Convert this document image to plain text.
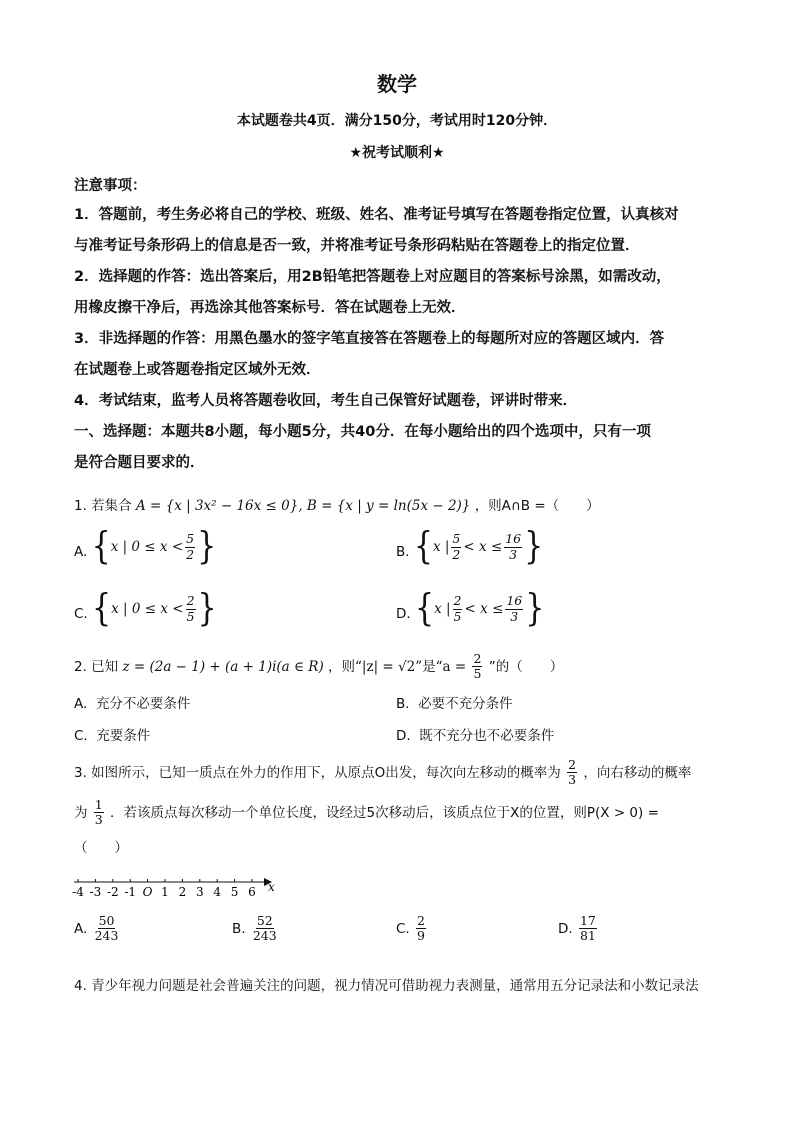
数学
本试题卷共4页．满分150分，考试用时120分钟．
★祝考试顺利★
注意事项：
1．答题前，考生务必将自己的学校、班级、姓名、准考证号填写在答题卷指定位置，认真核对
与准考证号条形码上的信息是否一致，并将准考证号条形码粘贴在答题卷上的指定位置．
2．选择题的作答：选出答案后，用2B铅笔把答题卷上对应题目的答案标号涂黑，如需改动，
用橡皮擦干净后，再选涂其他答案标号．答在试题卷上无效．
3．非选择题的作答：用黑色墨水的签字笔直接答在答题卷上的每题所对应的答题区域内．答
在试题卷上或答题卷指定区域外无效．
4．考试结束，监考人员将答题卷收回，考生自己保管好试题卷，评讲时带来．
一、选择题：本题共8小题，每小题5分，共40分．在每小题给出的四个选项中，只有一项
是符合题目要求的．
1. 若集合 A = {x | 3x² − 16x ≤ 0}, B = {x | y = ln(5x − 2)} ，则A∩B =（　　）
A. { x | $0 \le x < \frac{5}{2}$ }	B. { x | $\frac{5}{2} < x \le \frac{16}{3}$ }
C. { x | $0 \le x < \frac{2}{5}$ }	D. { x | $\frac{2}{5} < x \le \frac{16}{3}$ }
2. 已知 z = (2a − 1) + (a + 1)i(a ∈ R) ，则“|z| = √2”是“$a = \frac{2}{5}$ ”的（　　）
A. 充分不必要条件	B. 必要不充分条件
C. 充要条件	D. 既不充分也不必要条件
3. 如图所示，已知一质点在外力的作用下，从原点O出发，每次向左移动的概率为 $\frac{2}{3}$ ，向右移动的概率
为 $\frac{1}{3}$ ．若该质点每次移动一个单位长度，设经过5次移动后，该质点位于X的位置，则P(X > 0) =
（　　）
-4 -3 -2 -1 O 1 2 3 4 5 6 x
A. $\frac{50}{243}$	B. $\frac{52}{243}$	C. $\frac{2}{9}$	D. $\frac{17}{81}$
4. 青少年视力问题是社会普遍关注的问题，视力情况可借助视力表测量，通常用五分记录法和小数记录法
